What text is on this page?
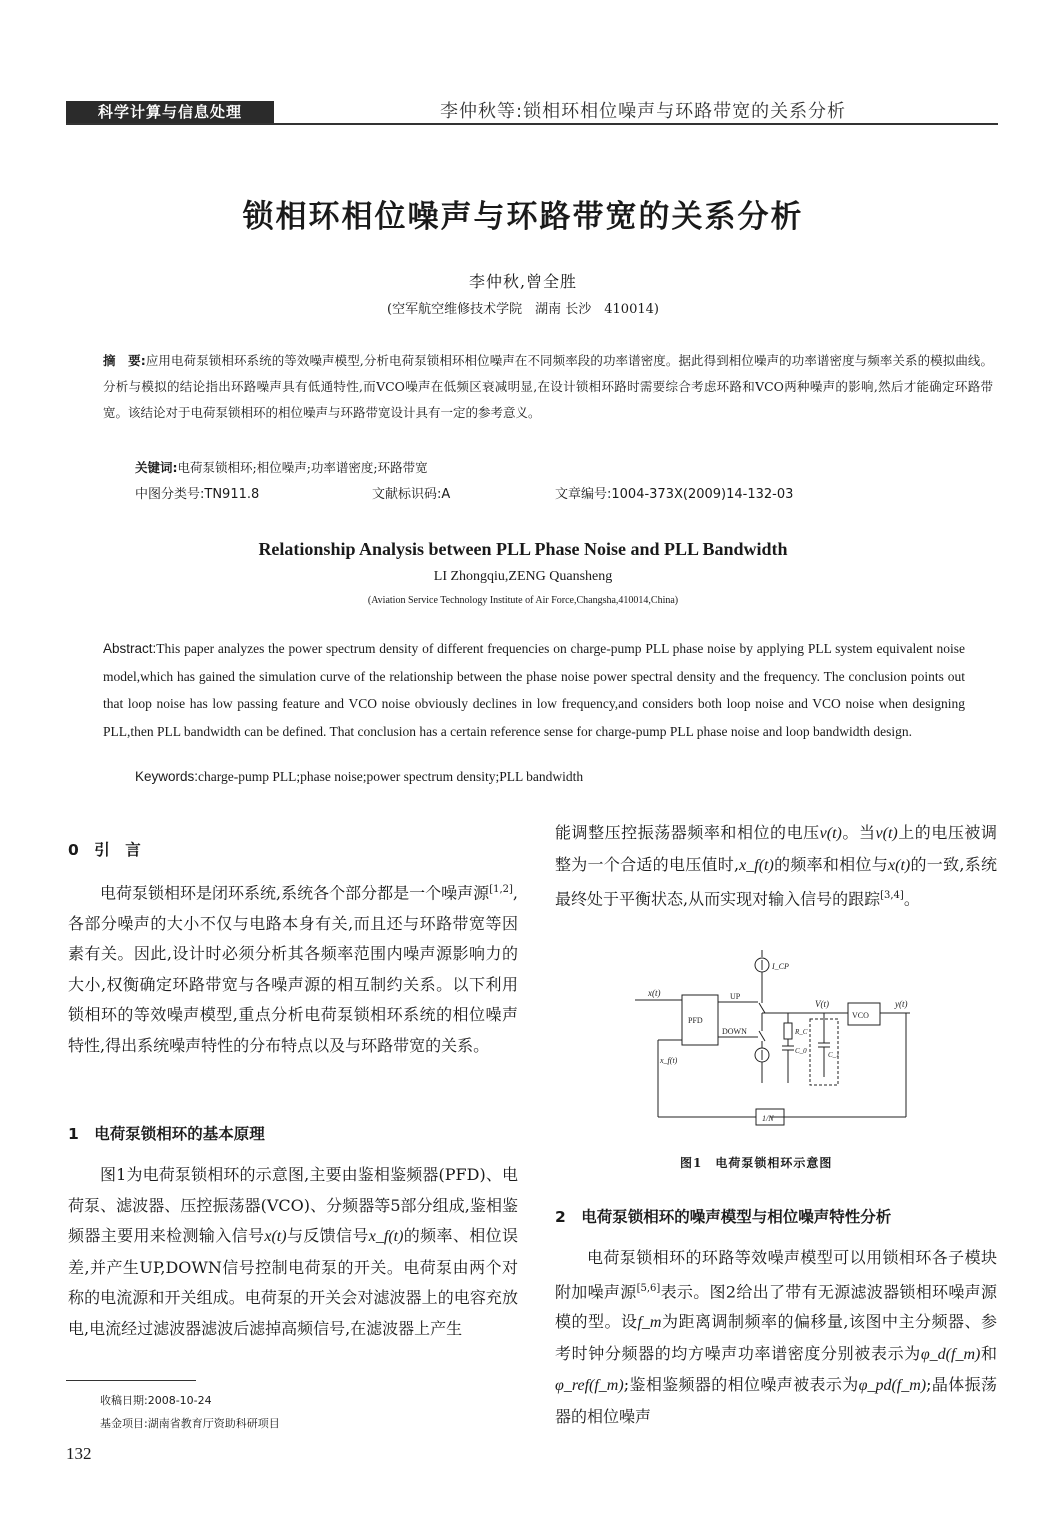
科学计算与信息处理	李仲秋等:锁相环相位噪声与环路带宽的关系分析
锁相环相位噪声与环路带宽的关系分析
李仲秋,曾全胜
(空军航空维修技术学院　湖南 长沙　410014)
摘　要:应用电荷泵锁相环系统的等效噪声模型,分析电荷泵锁相环相位噪声在不同频率段的功率谱密度。据此得到相位噪声的功率谱密度与频率关系的模拟曲线。分析与模拟的结论指出环路噪声具有低通特性,而VCO噪声在低频区衰减明显,在设计锁相环路时需要综合考虑环路和VCO两种噪声的影响,然后才能确定环路带宽。该结论对于电荷泵锁相环的相位噪声与环路带宽设计具有一定的参考意义。
关键词:电荷泵锁相环;相位噪声;功率谱密度;环路带宽
中图分类号:TN911.8	文献标识码:A	文章编号:1004-373X(2009)14-132-03
Relationship Analysis between PLL Phase Noise and PLL Bandwidth
LI Zhongqiu,ZENG Quansheng
(Aviation Service Technology Institute of Air Force,Changsha,410014,China)
Abstract:This paper analyzes the power spectrum density of different frequencies on charge-pump PLL phase noise by applying PLL system equivalent noise model,which has gained the simulation curve of the relationship between the phase noise power spectral density and the frequency. The conclusion points out that loop noise has low passing feature and VCO noise obviously declines in low frequency,and considers both loop noise and VCO noise when designing PLL,then PLL bandwidth can be defined. That conclusion has a certain reference sense for charge-pump PLL phase noise and loop bandwidth design.
Keywords:charge-pump PLL;phase noise;power spectrum density;PLL bandwidth
0　引　言

电荷泵锁相环是闭环系统,系统各个部分都是一个噪声源[1,2],各部分噪声的大小不仅与电路本身有关,而且还与环路带宽等因素有关。因此,设计时必须分析其各频率范围内噪声源影响力的大小,权衡确定环路带宽与各噪声源的相互制约关系。以下利用锁相环的等效噪声模型,重点分析电荷泵锁相环系统的相位噪声特性,得出系统噪声特性的分布特点以及与环路带宽的关系。

1　电荷泵锁相环的基本原理

图1为电荷泵锁相环的示意图,主要由鉴相鉴频器(PFD)、电荷泵、滤波器、压控振荡器(VCO)、分频器等5部分组成,鉴相鉴频器主要用来检测输入信号x(t)与反馈信号x_f(t)的频率、相位误差,并产生UP,DOWN信号控制电荷泵的开关。电荷泵由两个对称的电流源和开关组成。电荷泵的开关会对滤波器上的电容充放电,电流经过滤波器滤波后滤掉高频信号,在滤波器上产生

能调整压控振荡器频率和相位的电压v(t)。当v(t)上的电压被调整为一个合适的电压值时,x_f(t)的频率和相位与x(t)的一致,系统最终处于平衡状态,从而实现对输入信号的跟踪[3,4]。
PFD
x(t)
x_f(t)
UP
DOWN
I_CP
V(t)
R_C
C_0	C_1
VCO
y(t)
1/N
图1　电荷泵锁相环示意图
2　电荷泵锁相环的噪声模型与相位噪声特性分析

电荷泵锁相环的环路等效噪声模型可以用锁相环各子模块附加噪声源[5,6]表示。图2给出了带有无源滤波器锁相环噪声源模的型。设f_m为距离调制频率的偏移量,该图中主分频器、参考时钟分频器的均方噪声功率谱密度分别被表示为φ_d(f_m)和φ_ref(f_m);鉴相鉴频器的相位噪声被表示为φ_pd(f_m);晶体振荡器的相位噪声

收稿日期:2008-10-24
基金项目:湖南省教育厅资助科研项目
132
